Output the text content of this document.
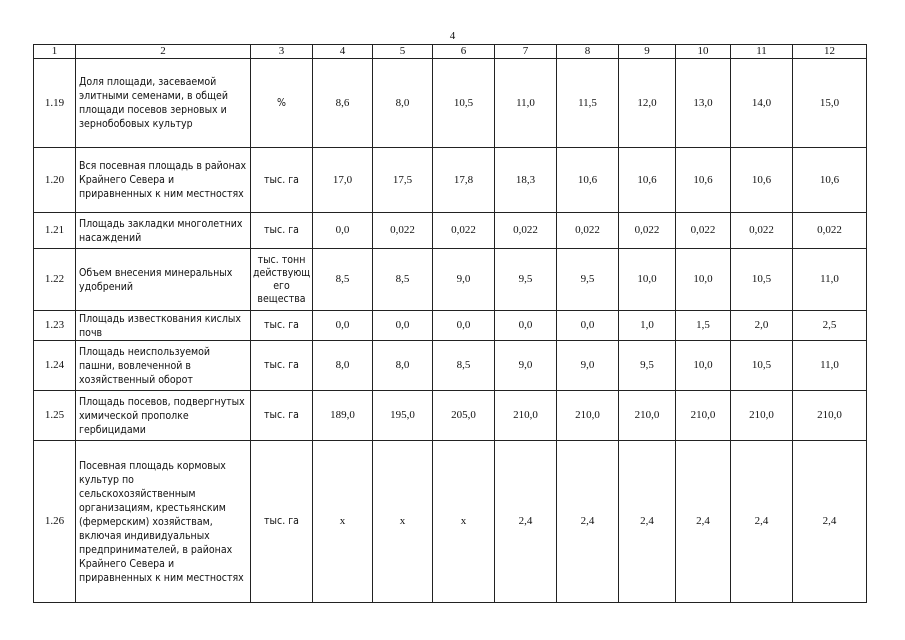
4
1	2	3	4	5	6	7	8	9	10	11	12
1.19	Доля площади, засеваемой элитными семенами, в общей площади посевов зерновых и зернобобовых культур	%	8,6	8,0	10,5	11,0	11,5	12,0	13,0	14,0	15,0
1.20	Вся посевная площадь в районах Крайнего Севера и приравненных к ним местностях	тыс. га	17,0	17,5	17,8	18,3	10,6	10,6	10,6	10,6	10,6
1.21	Площадь закладки многолетних насаждений	тыс. га	0,0	0,022	0,022	0,022	0,022	0,022	0,022	0,022	0,022
1.22	Объем внесения минеральных удобрений	тыс. тонн действующ его вещества	8,5	8,5	9,0	9,5	9,5	10,0	10,0	10,5	11,0
1.23	Площадь известкования кислых почв	тыс. га	0,0	0,0	0,0	0,0	0,0	1,0	1,5	2,0	2,5
1.24	Площадь неиспользуемой пашни, вовлеченной в хозяйственный оборот	тыс. га	8,0	8,0	8,5	9,0	9,0	9,5	10,0	10,5	11,0
1.25	Площадь посевов, подвергнутых химической прополке гербицидами	тыс. га	189,0	195,0	205,0	210,0	210,0	210,0	210,0	210,0	210,0
1.26	Посевная площадь кормовых культур по сельскохозяйственным организациям, крестьянским (фермерским) хозяйствам, включая индивидуальных предпринимателей, в районах Крайнего Севера и приравненных к ним местностях	тыс. га	х	х	х	2,4	2,4	2,4	2,4	2,4	2,4
